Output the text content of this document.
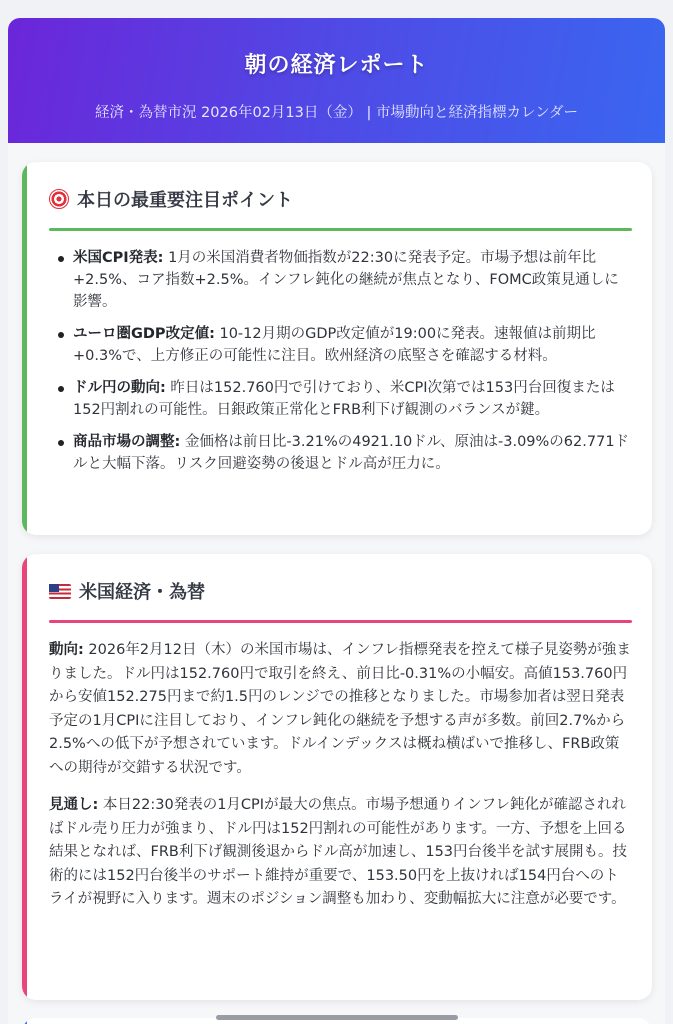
朝の経済レポート
経済・為替市況 2026年02月13日（金） | 市場動向と経済指標カレンダー
本日の最重要注目ポイント
米国CPI発表: 1月の米国消費者物価指数が22:30に発表予定。市場予想は前年比+2.5%、コア指数+2.5%。インフレ鈍化の継続が焦点となり、FOMC政策見通しに影響。
ユーロ圏GDP改定値: 10-12月期のGDP改定値が19:00に発表。速報値は前期比+0.3%で、上方修正の可能性に注目。欧州経済の底堅さを確認する材料。
ドル円の動向: 昨日は152.760円で引けており、米CPI次第では153円台回復または152円割れの可能性。日銀政策正常化とFRB利下げ観測のバランスが鍵。
商品市場の調整: 金価格は前日比-3.21%の4921.10ドル、原油は-3.09%の62.771ドルと大幅下落。リスク回避姿勢の後退とドル高が圧力に。
米国経済・為替

動向: 2026年2月12日（木）の米国市場は、インフレ指標発表を控えて様子見姿勢が強まりました。ドル円は152.760円で取引を終え、前日比-0.31%の小幅安。高値153.760円から安値152.275円まで約1.5円のレンジでの推移となりました。市場参加者は翌日発表予定の1月CPIに注目しており、インフレ鈍化の継続を予想する声が多数。前回2.7%から2.5%への低下が予想されています。ドルインデックスは概ね横ばいで推移し、FRB政策への期待が交錯する状況です。

見通し: 本日22:30発表の1月CPIが最大の焦点。市場予想通りインフレ鈍化が確認されればドル売り圧力が強まり、ドル円は152円割れの可能性があります。一方、予想を上回る結果となれば、FRB利下げ観測後退からドル高が加速し、153円台後半を試す展開も。技術的には152円台後半のサポート維持が重要で、153.50円を上抜ければ154円台へのトライが視野に入ります。週末のポジション調整も加わり、変動幅拡大に注意が必要です。
